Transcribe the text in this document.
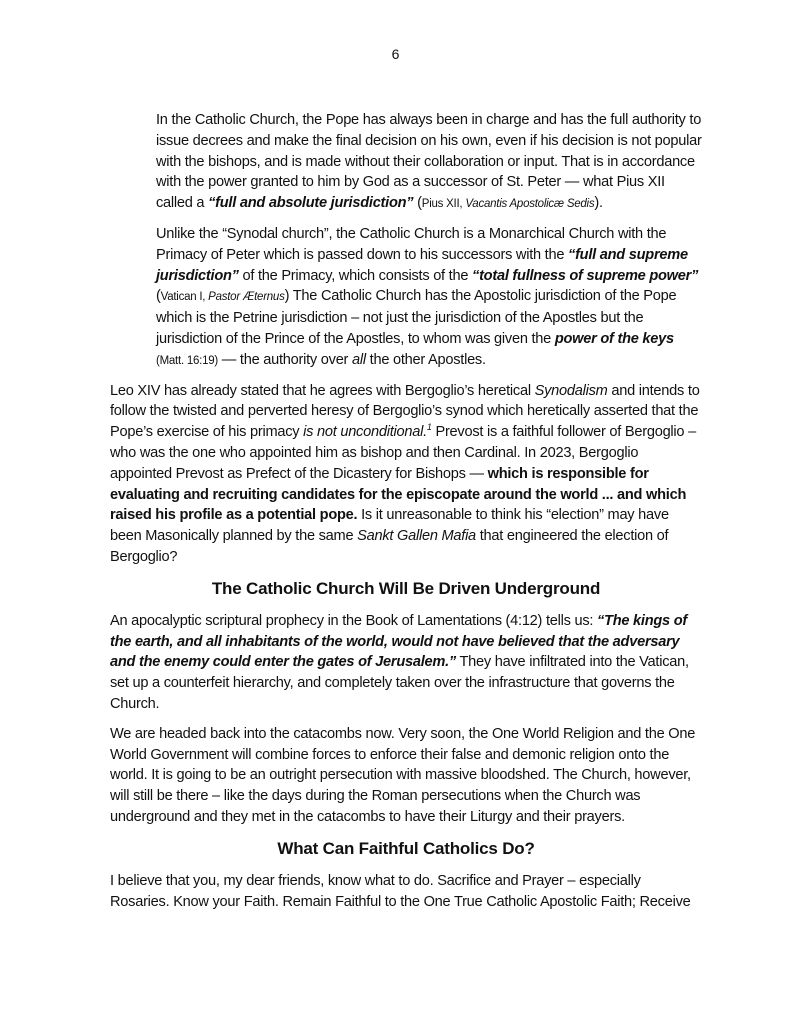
6

In the Catholic Church, the Pope has always been in charge and has the full authority to issue decrees and make the final decision on his own, even if his decision is not popular with the bishops, and is made without their collaboration or input. That is in accordance with the power granted to him by God as a successor of St. Peter — what Pius XII called a “full and absolute jurisdiction” (Pius XII, Vacantis Apostolicæ Sedis).

Unlike the “Synodal church”, the Catholic Church is a Monarchical Church with the Primacy of Peter which is passed down to his successors with the “full and supreme jurisdiction” of the Primacy, which consists of the “total fullness of supreme power”
(Vatican I, Pastor Æternus) The Catholic Church has the Apostolic jurisdiction of the Pope which is the Petrine jurisdiction – not just the jurisdiction of the Apostles but the jurisdiction of the Prince of the Apostles, to whom was given the power of the keys (Matt. 16:19) — the authority over all the other Apostles.

Leo XIV has already stated that he agrees with Bergoglio’s heretical Synodalism and intends to follow the twisted and perverted heresy of Bergoglio’s synod which heretically asserted that the Pope’s exercise of his primacy is not unconditional.$^1$ Prevost is a faithful follower of Bergoglio – who was the one who appointed him as bishop and then Cardinal. In 2023, Bergoglio appointed Prevost as Prefect of the Dicastery for Bishops — which is responsible for evaluating and recruiting candidates for the episcopate around the world ... and which raised his profile as a potential pope. Is it unreasonable to think his “election” may have been Masonically planned by the same Sankt Gallen Mafia that engineered the election of Bergoglio?

The Catholic Church Will Be Driven Underground

An apocalyptic scriptural prophecy in the Book of Lamentations (4:12) tells us: “The kings of the earth, and all inhabitants of the world, would not have believed that the adversary and the enemy could enter the gates of Jerusalem.” They have infiltrated into the Vatican, set up a counterfeit hierarchy, and completely taken over the infrastructure that governs the Church.

We are headed back into the catacombs now. Very soon, the One World Religion and the One World Government will combine forces to enforce their false and demonic religion onto the world. It is going to be an outright persecution with massive bloodshed. The Church, however, will still be there – like the days during the Roman persecutions when the Church was underground and they met in the catacombs to have their Liturgy and their prayers.

What Can Faithful Catholics Do?

I believe that you, my dear friends, know what to do. Sacrifice and Prayer – especially Rosaries. Know your Faith. Remain Faithful to the One True Catholic Apostolic Faith; Receive
